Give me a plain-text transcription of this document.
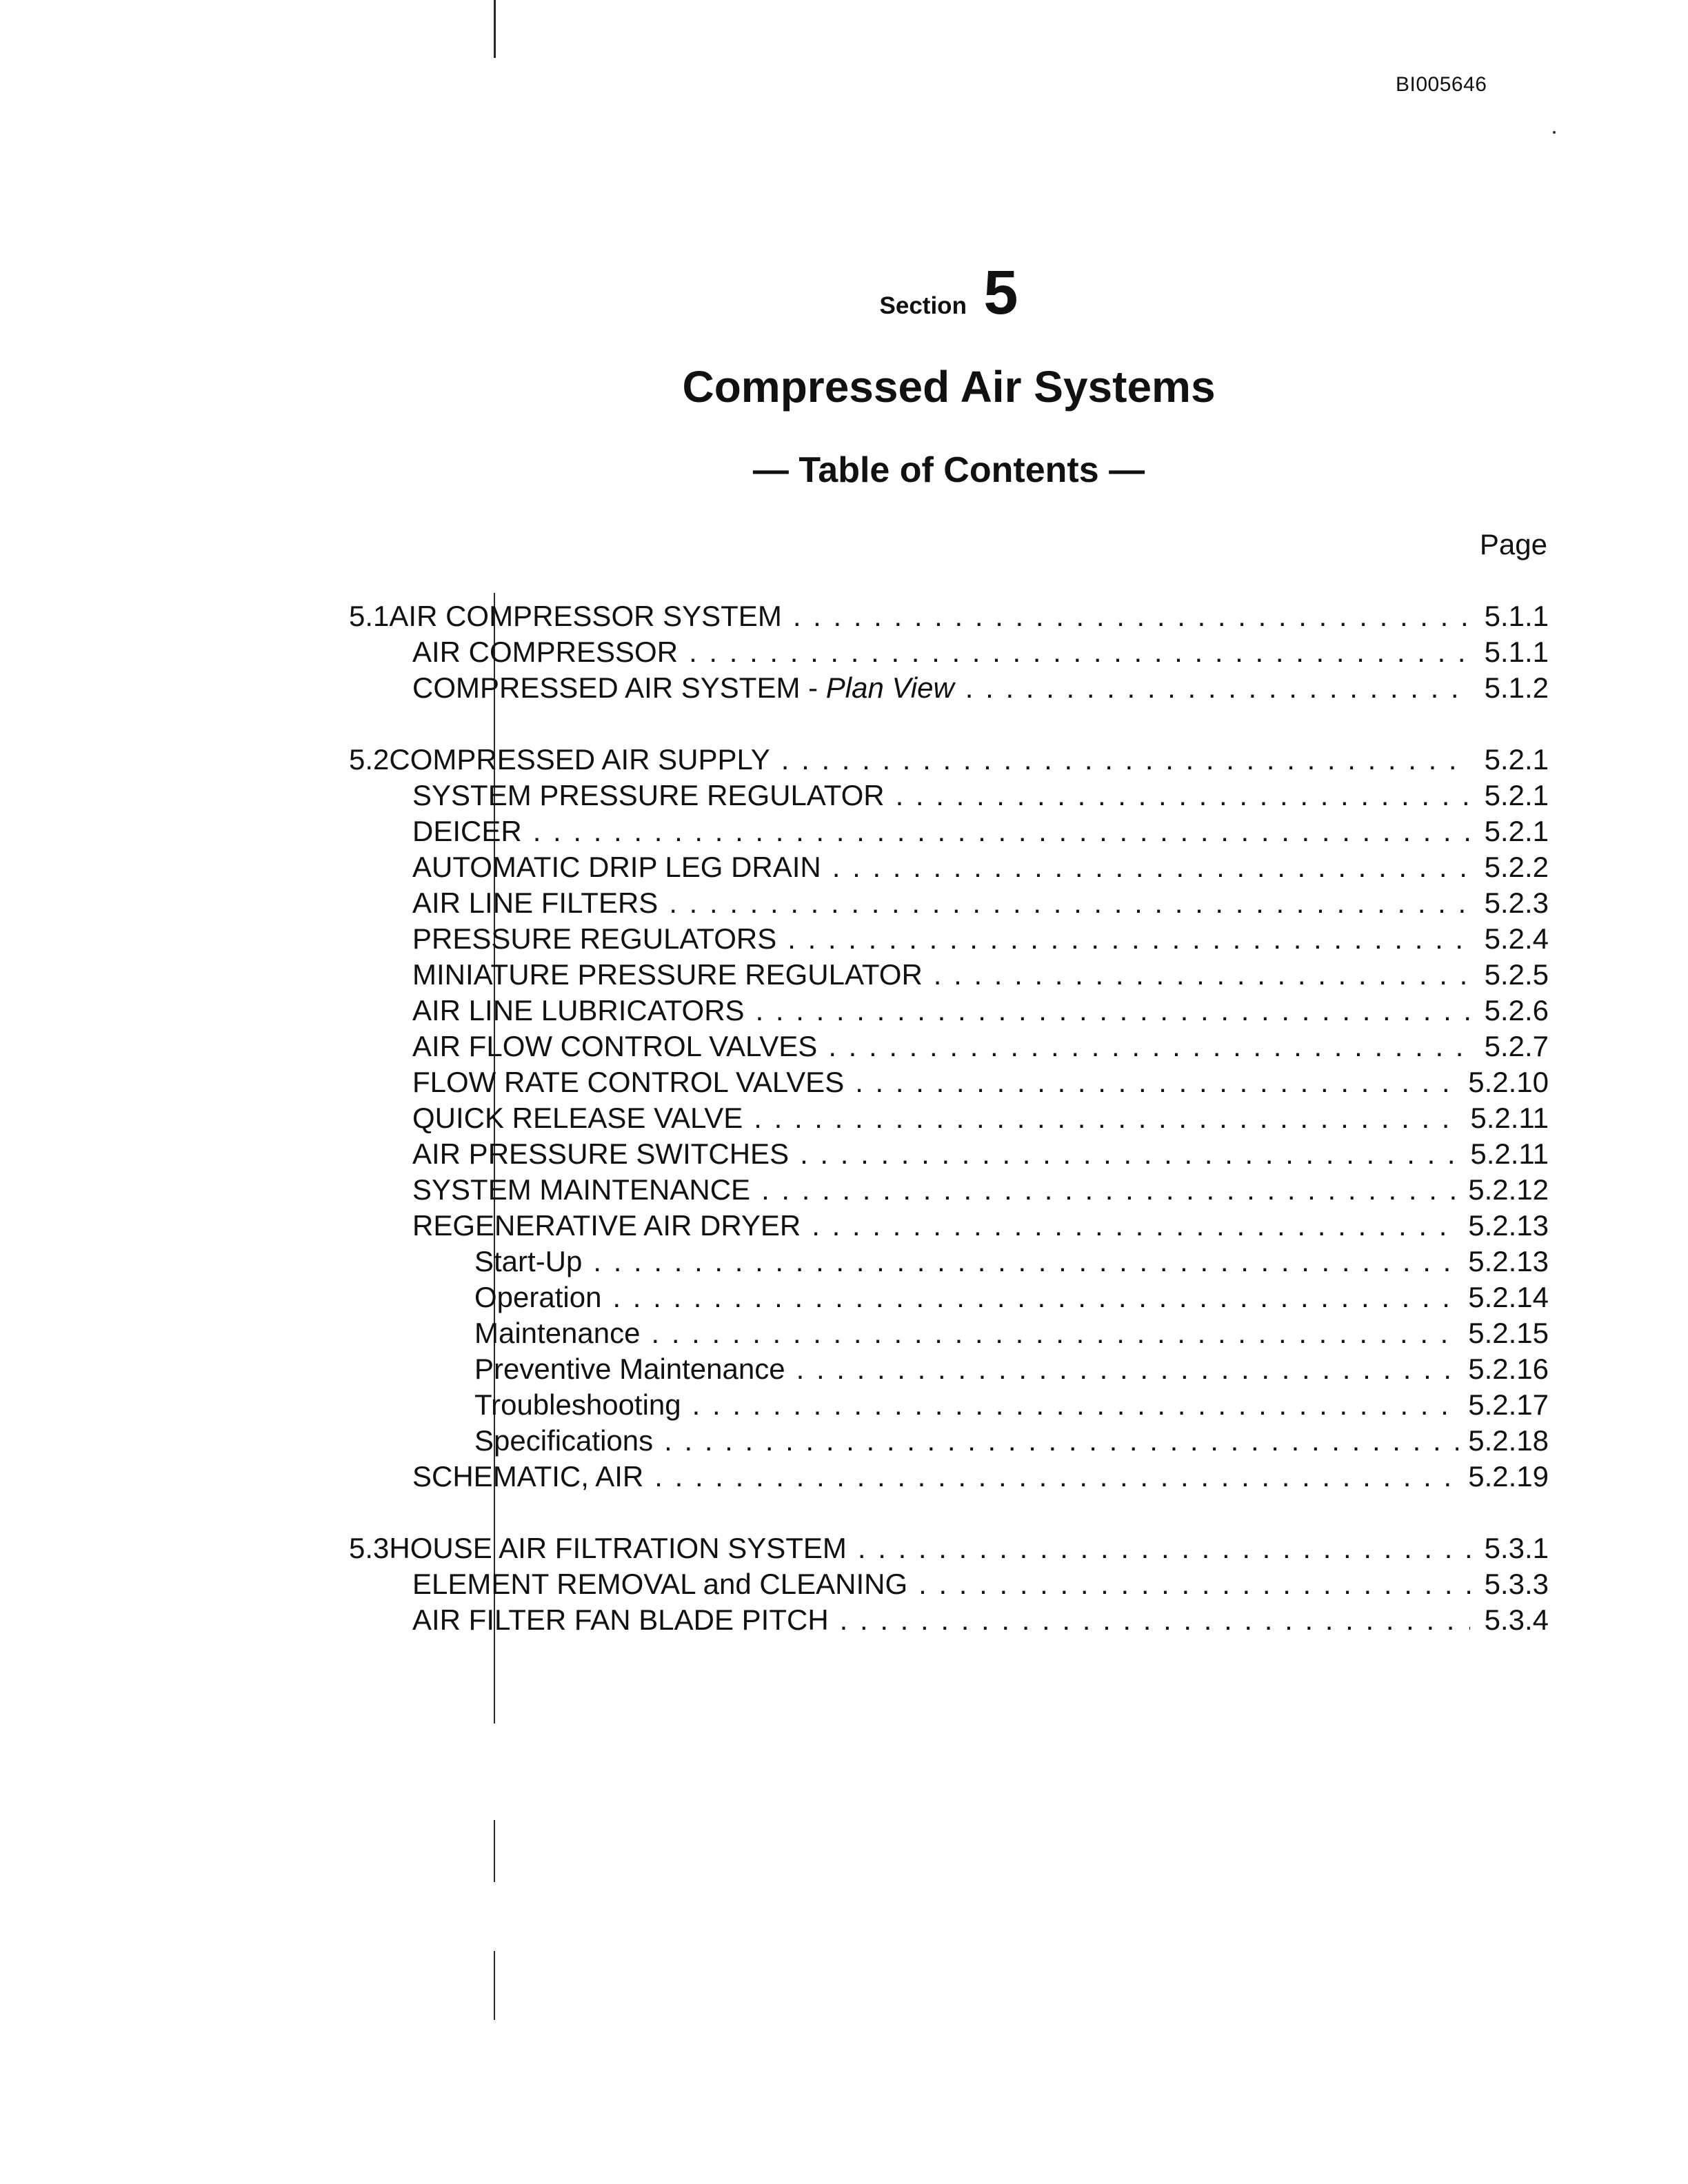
BI005646
Section 5
Compressed Air Systems
— Table of Contents —
Page
5.1 AIR COMPRESSOR SYSTEM . . .	5.1.1
AIR COMPRESSOR . . .	5.1.1
COMPRESSED AIR SYSTEM - Plan View . . .	5.1.2
5.2 COMPRESSED AIR SUPPLY . . .	5.2.1
SYSTEM PRESSURE REGULATOR . . .	5.2.1
DEICER . . .	5.2.1
AUTOMATIC DRIP LEG DRAIN . . .	5.2.2
AIR LINE FILTERS . . .	5.2.3
PRESSURE REGULATORS . . .	5.2.4
MINIATURE PRESSURE REGULATOR . . .	5.2.5
AIR LINE LUBRICATORS . . .	5.2.6
AIR FLOW CONTROL VALVES . . .	5.2.7
FLOW RATE CONTROL VALVES . . .	5.2.10
QUICK RELEASE VALVE . . .	5.2.11
AIR PRESSURE SWITCHES . . .	5.2.11
SYSTEM MAINTENANCE . . .	5.2.12
REGENERATIVE AIR DRYER . . .	5.2.13
Start-Up . . .	5.2.13
Operation . . .	5.2.14
Maintenance . . .	5.2.15
Preventive Maintenance . . .	5.2.16
Troubleshooting . . .	5.2.17
Specifications . . .	5.2.18
SCHEMATIC, AIR . . .	5.2.19
5.3 HOUSE AIR FILTRATION SYSTEM . . .	5.3.1
ELEMENT REMOVAL and CLEANING . . .	5.3.3
AIR FILTER FAN BLADE PITCH . . .	5.3.4
